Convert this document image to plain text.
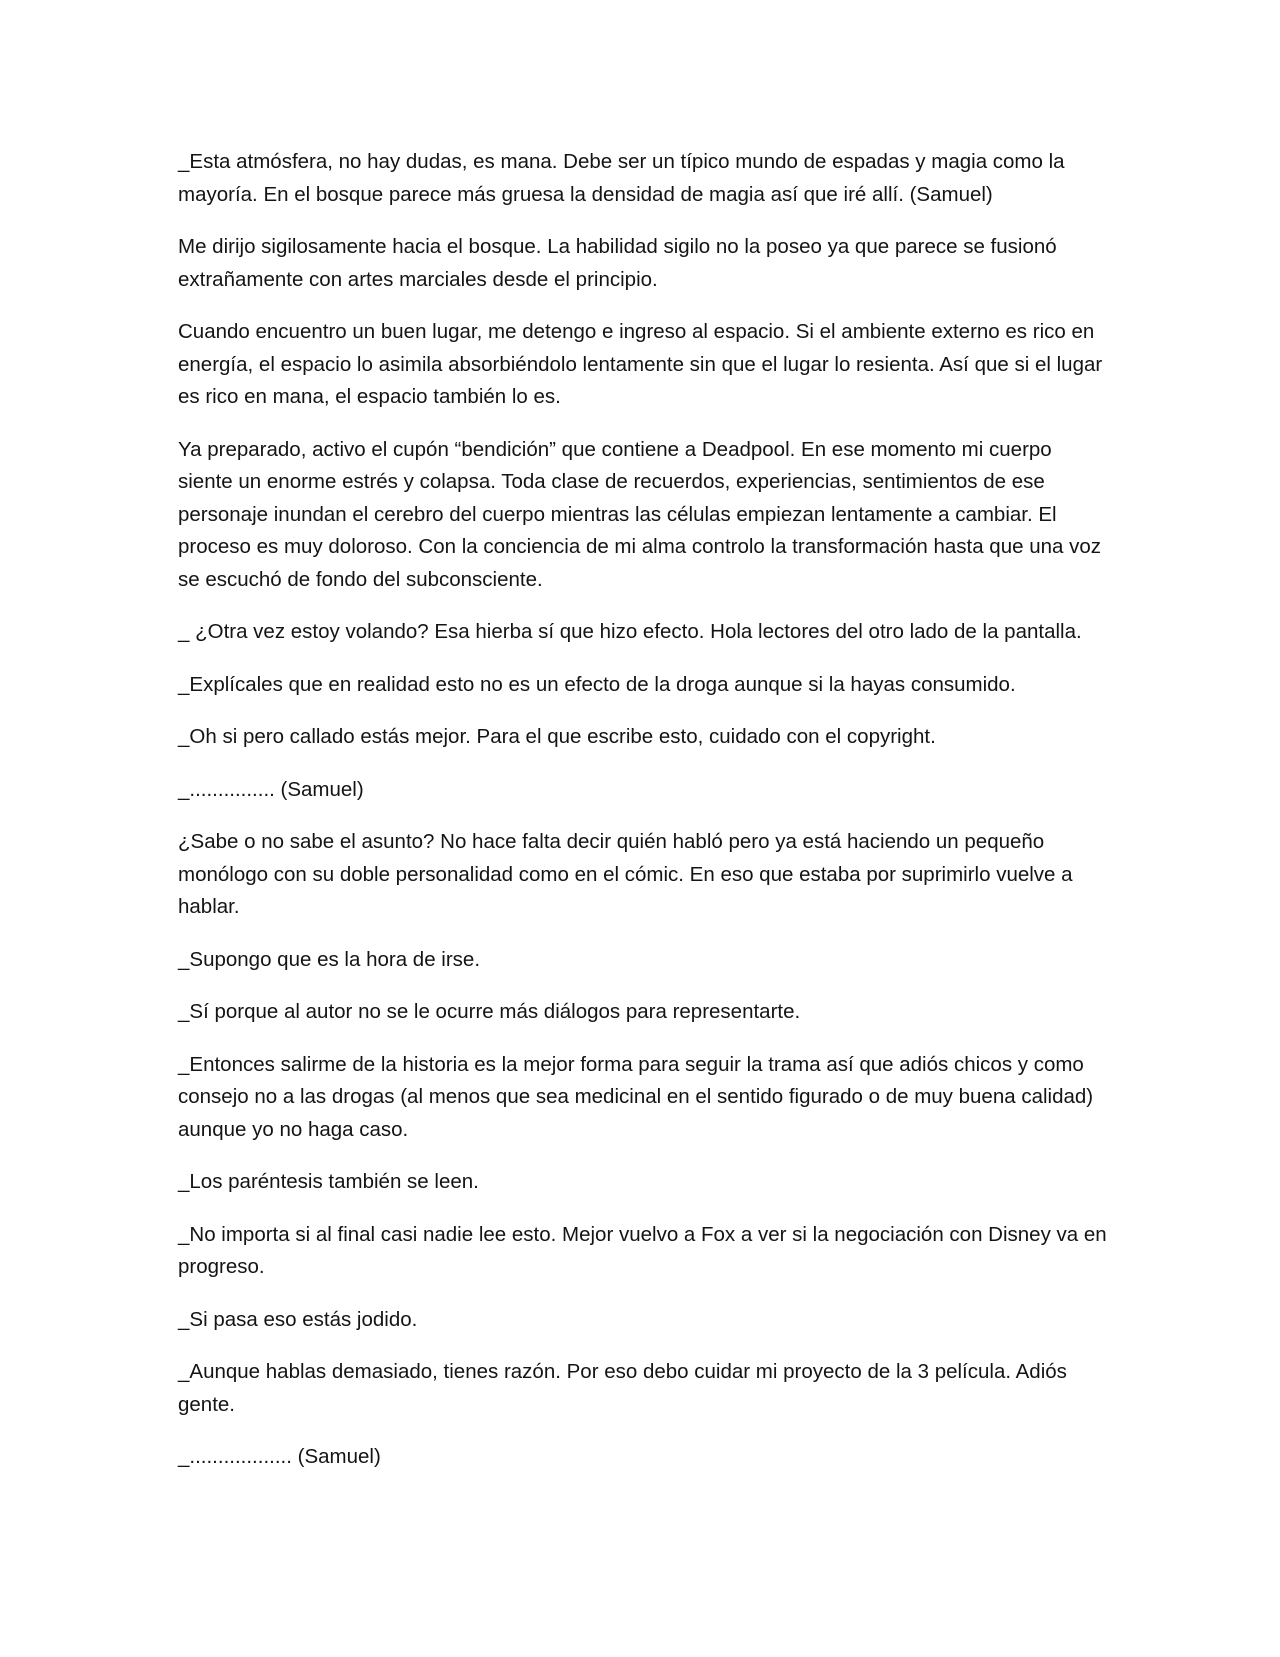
_Esta atmósfera, no hay dudas, es mana. Debe ser un típico mundo de espadas y magia como la mayoría. En el bosque parece más gruesa la densidad de magia así que iré allí. (Samuel)

Me dirijo sigilosamente hacia el bosque. La habilidad sigilo no la poseo ya que parece se fusionó extrañamente con artes marciales desde el principio.

Cuando encuentro un buen lugar, me detengo e ingreso al espacio. Si el ambiente externo es rico en energía, el espacio lo asimila absorbiéndolo lentamente sin que el lugar lo resienta. Así que si el lugar es rico en mana, el espacio también lo es.

Ya preparado, activo el cupón “bendición” que contiene a Deadpool. En ese momento mi cuerpo siente un enorme estrés y colapsa. Toda clase de recuerdos, experiencias, sentimientos de ese personaje inundan el cerebro del cuerpo mientras las células empiezan lentamente a cambiar. El proceso es muy doloroso. Con la conciencia de mi alma controlo la transformación hasta que una voz se escuchó de fondo del subconsciente.

_ ¿Otra vez estoy volando? Esa hierba sí que hizo efecto. Hola lectores del otro lado de la pantalla.

_Explícales que en realidad esto no es un efecto de la droga aunque si la hayas consumido.

_Oh si pero callado estás mejor. Para el que escribe esto, cuidado con el copyright.

_............... (Samuel)

¿Sabe o no sabe el asunto? No hace falta decir quién habló pero ya está haciendo un pequeño monólogo con su doble personalidad como en el cómic. En eso que estaba por suprimirlo vuelve a hablar.

_Supongo que es la hora de irse.

_Sí porque al autor no se le ocurre más diálogos para representarte.

_Entonces salirme de la historia es la mejor forma para seguir la trama así que adiós chicos y como consejo no a las drogas (al menos que sea medicinal en el sentido figurado o de muy buena calidad) aunque yo no haga caso.

_Los paréntesis también se leen.

_No importa si al final casi nadie lee esto. Mejor vuelvo a Fox a ver si la negociación con Disney va en progreso.

_Si pasa eso estás jodido.

_Aunque hablas demasiado, tienes razón. Por eso debo cuidar mi proyecto de la 3 película. Adiós gente.

_.................. (Samuel)
